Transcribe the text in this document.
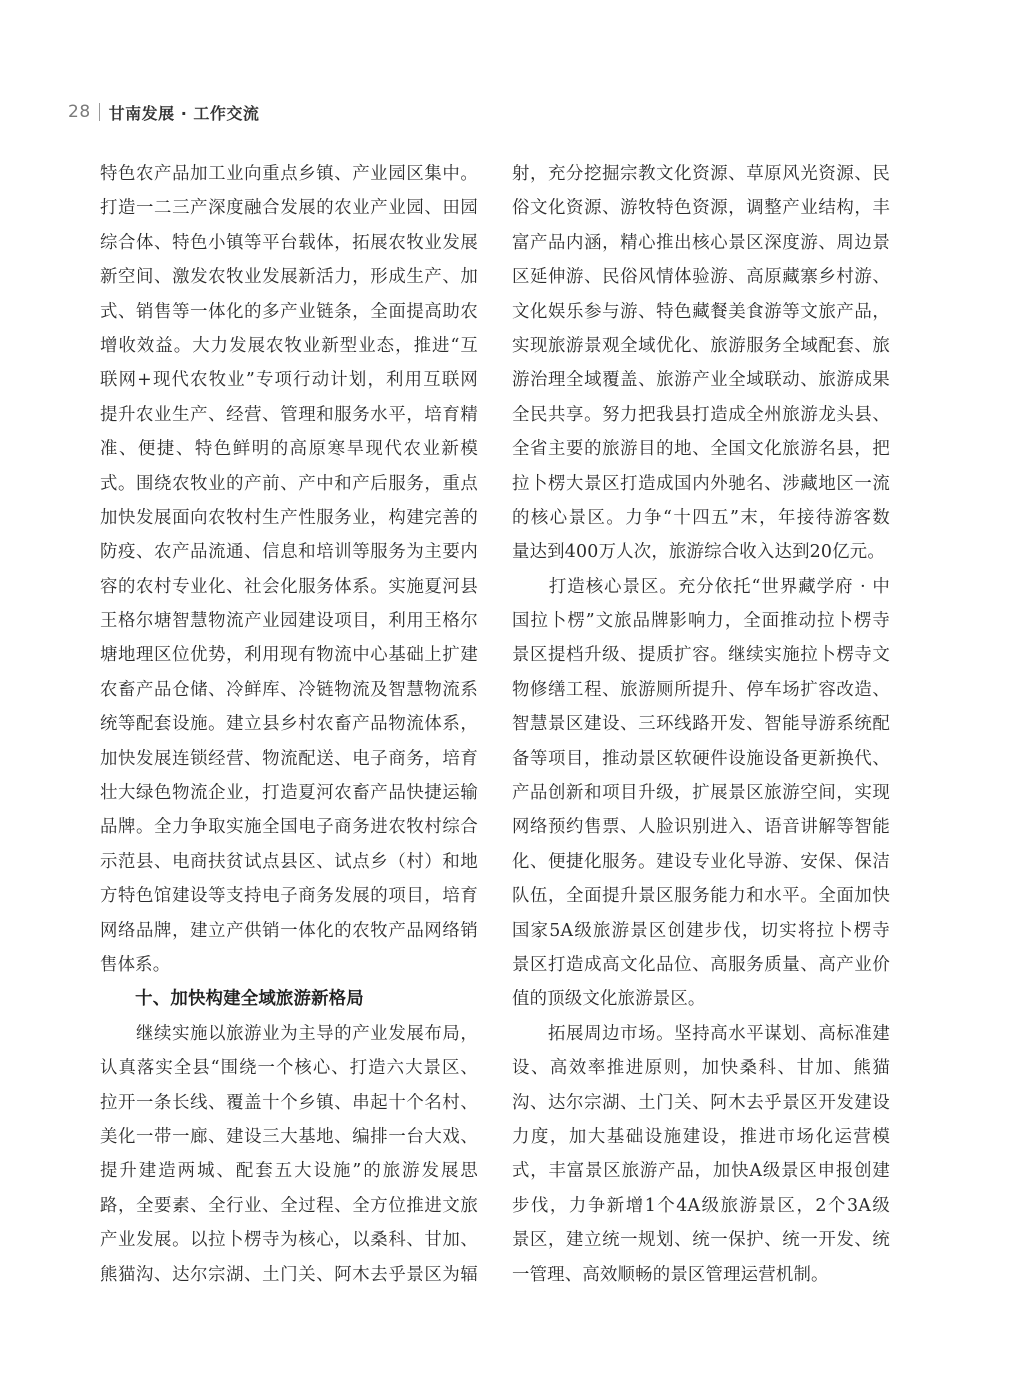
28 甘南发展 · 工作交流
特色农产品加工业向重点乡镇、产业园区集中。
打造一二三产深度融合发展的农业产业园、田园
综合体、特色小镇等平台载体，拓展农牧业发展
新空间、激发农牧业发展新活力，形成生产、加
式、销售等一体化的多产业链条，全面提高助农
增收效益。大力发展农牧业新型业态，推进“互
联网+现代农牧业”专项行动计划，利用互联网
提升农业生产、经营、管理和服务水平，培育精
准、便捷、特色鲜明的高原寒旱现代农业新模
式。围绕农牧业的产前、产中和产后服务，重点
加快发展面向农牧村生产性服务业，构建完善的
防疫、农产品流通、信息和培训等服务为主要内
容的农村专业化、社会化服务体系。实施夏河县
王格尔塘智慧物流产业园建设项目，利用王格尔
塘地理区位优势，利用现有物流中心基础上扩建
农畜产品仓储、冷鲜库、冷链物流及智慧物流系
统等配套设施。建立县乡村农畜产品物流体系，
加快发展连锁经营、物流配送、电子商务，培育
壮大绿色物流企业，打造夏河农畜产品快捷运输
品牌。全力争取实施全国电子商务进农牧村综合
示范县、电商扶贫试点县区、试点乡（村）和地
方特色馆建设等支持电子商务发展的项目，培育
网络品牌，建立产供销一体化的农牧产品网络销
售体系。
　　十、加快构建全域旅游新格局
　　继续实施以旅游业为主导的产业发展布局，
认真落实全县“围绕一个核心、打造六大景区、
拉开一条长线、覆盖十个乡镇、串起十个名村、
美化一带一廊、建设三大基地、编排一台大戏、
提升建造两城、配套五大设施”的旅游发展思
路，全要素、全行业、全过程、全方位推进文旅
产业发展。以拉卜楞寺为核心，以桑科、甘加、
熊猫沟、达尔宗湖、土门关、阿木去乎景区为辐
射，充分挖掘宗教文化资源、草原风光资源、民
俗文化资源、游牧特色资源，调整产业结构，丰
富产品内涵，精心推出核心景区深度游、周边景
区延伸游、民俗风情体验游、高原藏寨乡村游、
文化娱乐参与游、特色藏餐美食游等文旅产品，
实现旅游景观全域优化、旅游服务全域配套、旅
游治理全域覆盖、旅游产业全域联动、旅游成果
全民共享。努力把我县打造成全州旅游龙头县、
全省主要的旅游目的地、全国文化旅游名县，把
拉卜楞大景区打造成国内外驰名、涉藏地区一流
的核心景区。力争“十四五”末，年接待游客数
量达到400万人次，旅游综合收入达到20亿元。
　　打造核心景区。充分依托“世界藏学府 · 中
国拉卜楞”文旅品牌影响力，全面推动拉卜楞寺
景区提档升级、提质扩容。继续实施拉卜楞寺文
物修缮工程、旅游厕所提升、停车场扩容改造、
智慧景区建设、三环线路开发、智能导游系统配
备等项目，推动景区软硬件设施设备更新换代、
产品创新和项目升级，扩展景区旅游空间，实现
网络预约售票、人脸识别进入、语音讲解等智能
化、便捷化服务。建设专业化导游、安保、保洁
队伍，全面提升景区服务能力和水平。全面加快
国家5A级旅游景区创建步伐，切实将拉卜楞寺
景区打造成高文化品位、高服务质量、高产业价
值的顶级文化旅游景区。
　　拓展周边市场。坚持高水平谋划、高标准建
设、高效率推进原则，加快桑科、甘加、熊猫
沟、达尔宗湖、土门关、阿木去乎景区开发建设
力度，加大基础设施建设，推进市场化运营模
式，丰富景区旅游产品，加快A级景区申报创建
步伐，力争新增1个4A级旅游景区，2个3A级
景区，建立统一规划、统一保护、统一开发、统
一管理、高效顺畅的景区管理运营机制。
